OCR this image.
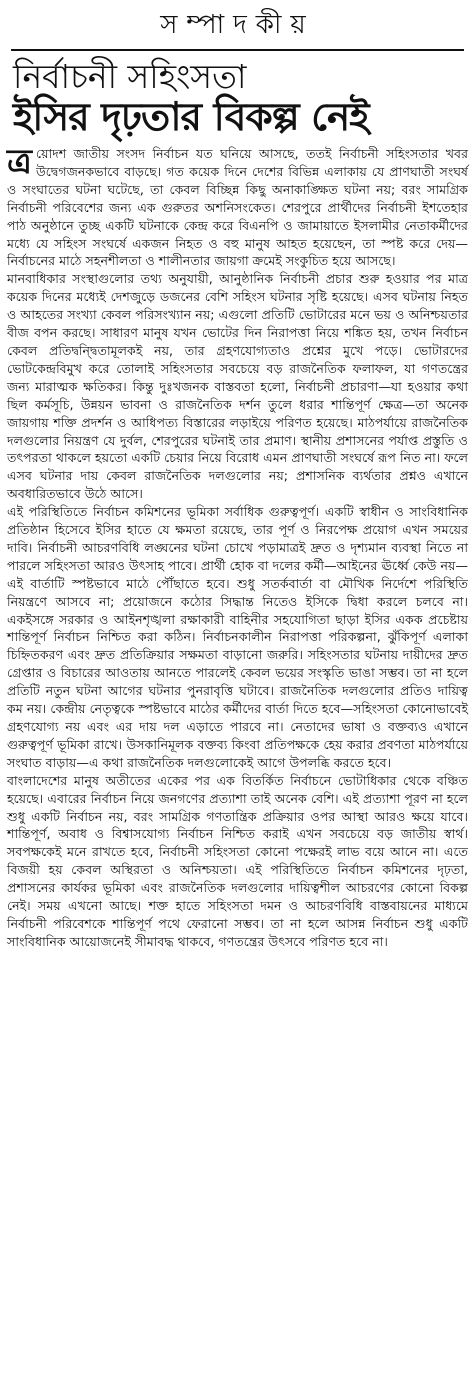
সম্পাদকীয়
নির্বাচনী সহিংসতা
ইসির দৃঢ়তার বিকল্প নেই

ত্র য়োদশ জাতীয় সংসদ নির্বাচন যত ঘনিয়ে আসছে, ততই নির্বাচনী সহিংসতার খবর উদ্বেগজনকভাবে বাড়ছে। গত কয়েক দিনে দেশের বিভিন্ন এলাকায় যে প্রাণঘাতী সংঘর্ষ ও সংঘাতের ঘটনা ঘটেছে, তা কেবল বিচ্ছিন্ন কিছু অনাকাঙ্ক্ষিত ঘটনা নয়; বরং সামগ্রিক নির্বাচনী পরিবেশের জন্য এক গুরুতর অশনিসংকেত। শেরপুরে প্রার্থীদের নির্বাচনী ইশতেহার পাঠ অনুষ্ঠানে তুচ্ছ একটি ঘটনাকে কেন্দ্র করে বিএনপি ও জামায়াতে ইসলামীর নেতাকর্মীদের মধ্যে যে সহিংস সংঘর্ষে একজন নিহত ও বহু মানুষ আহত হয়েছেন, তা স্পষ্ট করে দেয়—নির্বাচনের মাঠে সহনশীলতা ও শালীনতার জায়গা ক্রমেই সংকুচিত হয়ে আসছে।

মানবাধিকার সংস্থাগুলোর তথ্য অনুযায়ী, আনুষ্ঠানিক নির্বাচনী প্রচার শুরু হওয়ার পর মাত্র কয়েক দিনের মধ্যেই দেশজুড়ে ডজনের বেশি সহিংস ঘটনার সৃষ্টি হয়েছে। এসব ঘটনায় নিহত ও আহতের সংখ্যা কেবল পরিসংখ্যান নয়; এগুলো প্রতিটি ভোটারের মনে ভয় ও অনিশ্চয়তার বীজ বপন করছে। সাধারণ মানুষ যখন ভোটের দিন নিরাপত্তা নিয়ে শঙ্কিত হয়, তখন নির্বাচন কেবল প্রতিদ্বন্দ্বিতামূলকই নয়, তার গ্রহণযোগ্যতাও প্রশ্নের মুখে পড়ে। ভোটারদের ভোটকেন্দ্রবিমুখ করে তোলাই সহিংসতার সবচেয়ে বড় রাজনৈতিক ফলাফল, যা গণতন্ত্রের জন্য মারাত্মক ক্ষতিকর। কিন্তু দুঃখজনক বাস্তবতা হলো, নির্বাচনী প্রচারণা—যা হওয়ার কথা ছিল কর্মসূচি, উন্নয়ন ভাবনা ও রাজনৈতিক দর্শন তুলে ধরার শান্তিপূর্ণ ক্ষেত্র—তা অনেক জায়গায় শক্তি প্রদর্শন ও আধিপত্য বিস্তারের লড়াইয়ে পরিণত হয়েছে। মাঠপর্যায়ে রাজনৈতিক দলগুলোর নিয়ন্ত্রণ যে দুর্বল, শেরপুরের ঘটনাই তার প্রমাণ। স্থানীয় প্রশাসনের পর্যাপ্ত প্রস্তুতি ও তৎপরতা থাকলে হয়তো একটি চেয়ার নিয়ে বিরোধ এমন প্রাণঘাতী সংঘর্ষে রূপ নিত না। ফলে এসব ঘটনার দায় কেবল রাজনৈতিক দলগুলোর নয়; প্রশাসনিক ব্যর্থতার প্রশ্নও এখানে অবধারিতভাবে উঠে আসে।

এই পরিস্থিতিতে নির্বাচন কমিশনের ভূমিকা সর্বাধিক গুরুত্বপূর্ণ। একটি স্বাধীন ও সাংবিধানিক প্রতিষ্ঠান হিসেবে ইসির হাতে যে ক্ষমতা রয়েছে, তার পূর্ণ ও নিরপেক্ষ প্রয়োগ এখন সময়ের দাবি। নির্বাচনী আচরণবিধি লঙ্ঘনের ঘটনা চোখে পড়ামাত্রই দ্রুত ও দৃশ্যমান ব্যবস্থা নিতে না পারলে সহিংসতা আরও উৎসাহ পাবে। প্রার্থী হোক বা দলের কর্মী—আইনের ঊর্ধ্বে কেউ নয়—এই বার্তাটি স্পষ্টভাবে মাঠে পৌঁছাতে হবে। শুধু সতর্কবার্তা বা মৌখিক নির্দেশে পরিস্থিতি নিয়ন্ত্রণে আসবে না; প্রয়োজনে কঠোর সিদ্ধান্ত নিতেও ইসিকে দ্বিধা করলে চলবে না। একইসঙ্গে সরকার ও আইনশৃঙ্খলা রক্ষাকারী বাহিনীর সহযোগিতা ছাড়া ইসির একক প্রচেষ্টায় শান্তিপূর্ণ নির্বাচন নিশ্চিত করা কঠিন। নির্বাচনকালীন নিরাপত্তা পরিকল্পনা, ঝুঁকিপূর্ণ এলাকা চিহ্নিতকরণ এবং দ্রুত প্রতিক্রিয়ার সক্ষমতা বাড়ানো জরুরি। সহিংসতার ঘটনায় দায়ীদের দ্রুত গ্রেপ্তার ও বিচারের আওতায় আনতে পারলেই কেবল ভয়ের সংস্কৃতি ভাঙা সম্ভব। তা না হলে প্রতিটি নতুন ঘটনা আগের ঘটনার পুনরাবৃত্তি ঘটাবে। রাজনৈতিক দলগুলোর প্রতিও দায়িত্ব কম নয়। কেন্দ্রীয় নেতৃত্বকে স্পষ্টভাবে মাঠের কর্মীদের বার্তা দিতে হবে—সহিংসতা কোনোভাবেই গ্রহণযোগ্য নয় এবং এর দায় দল এড়াতে পারবে না। নেতাদের ভাষা ও বক্তব্যও এখানে গুরুত্বপূর্ণ ভূমিকা রাখে। উসকানিমূলক বক্তব্য কিংবা প্রতিপক্ষকে হেয় করার প্রবণতা মাঠপর্যায়ে সংঘাত বাড়ায়—এ কথা রাজনৈতিক দলগুলোকেই আগে উপলব্ধি করতে হবে।

বাংলাদেশের মানুষ অতীতের একের পর এক বিতর্কিত নির্বাচনে ভোটাধিকার থেকে বঞ্চিত হয়েছে। এবারের নির্বাচন নিয়ে জনগণের প্রত্যাশা তাই অনেক বেশি। এই প্রত্যাশা পূরণ না হলে শুধু একটি নির্বাচন নয়, বরং সামগ্রিক গণতান্ত্রিক প্রক্রিয়ার ওপর আস্থা আরও ক্ষয়ে যাবে। শান্তিপূর্ণ, অবাধ ও বিশ্বাসযোগ্য নির্বাচন নিশ্চিত করাই এখন সবচেয়ে বড় জাতীয় স্বার্থ। সবপক্ষকেই মনে রাখতে হবে, নির্বাচনী সহিংসতা কোনো পক্ষেরই লাভ বয়ে আনে না। এতে বিজয়ী হয় কেবল অস্থিরতা ও অনিশ্চয়তা। এই পরিস্থিতিতে নির্বাচন কমিশনের দৃঢ়তা, প্রশাসনের কার্যকর ভূমিকা এবং রাজনৈতিক দলগুলোর দায়িত্বশীল আচরণের কোনো বিকল্প নেই। সময় এখনো আছে। শক্ত হাতে সহিংসতা দমন ও আচরণবিধি বাস্তবায়নের মাধ্যমে নির্বাচনী পরিবেশকে শান্তিপূর্ণ পথে ফেরানো সম্ভব। তা না হলে আসন্ন নির্বাচন শুধু একটি সাংবিধানিক আয়োজনেই সীমাবদ্ধ থাকবে, গণতন্ত্রের উৎসবে পরিণত হবে না।
